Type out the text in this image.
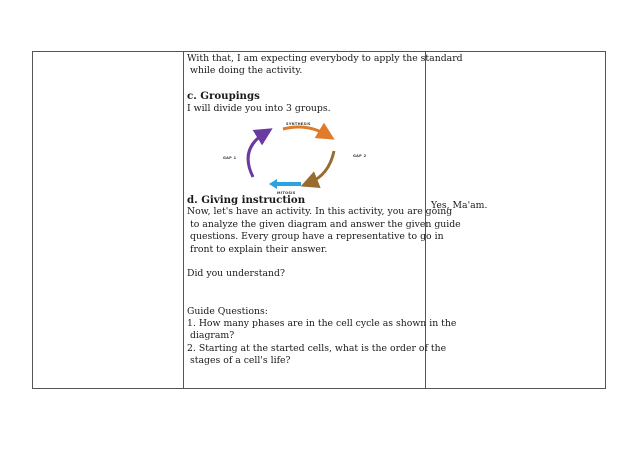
With that, I am expecting everybody to apply the standard

while doing the activity.

c. Groupings

I will divide you into 3 groups.

SYNTHESIS
GAP 2
GAP 1
MITOSIS

d. Giving instruction

Now, let's have an activity. In this activity, you are going

to analyze the given diagram and answer the given guide

questions. Every group have a representative to go in

front to explain their answer.

Did you understand?

Guide Questions:

1. How many phases are in the cell cycle as shown in the

diagram?

2. Starting at the started cells, what is the order of the

stages of a cell's life?

Yes, Ma'am.
